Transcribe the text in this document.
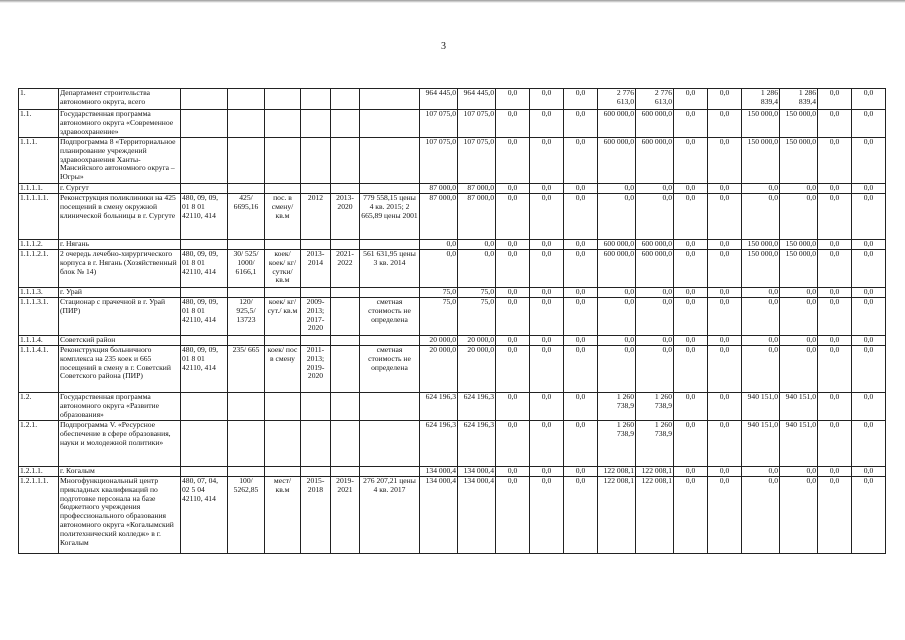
3
1.	Департамент строительства автономного округа, всего							964 445,0	964 445,0	0,0	0,0	0,0	2 776 613,0	2 776 613,0	0,0	0,0	1 286 839,4	1 286 839,4	0,0	0,0
1.1.	Государственная программа автономного округа «Современное здравоохранение»							107 075,0	107 075,0	0,0	0,0	0,0	600 000,0	600 000,0	0,0	0,0	150 000,0	150 000,0	0,0	0,0
1.1.1.	Подпрограмма 8 «Территориальное планирование учреждений здравоохранения Ханты-Мансийского автономного округа – Югры»							107 075,0	107 075,0	0,0	0,0	0,0	600 000,0	600 000,0	0,0	0,0	150 000,0	150 000,0	0,0	0,0
1.1.1.1.	г. Сургут							87 000,0	87 000,0	0,0	0,0	0,0	0,0	0,0	0,0	0,0	0,0	0,0	0,0	0,0
1.1.1.1.1.	Реконструкция поликлиники на 425 посещений в смену окружной клинической больницы в г. Сургуте	480, 09, 09, 01 8 01 42110, 414	425/ 6695,16	пос. в смену/ кв.м	2012	2013-2020	779 558,15 цены 4 кв. 2015; 2 665,89 цены 2001	87 000,0	87 000,0	0,0	0,0	0,0	0,0	0,0	0,0	0,0	0,0	0,0	0,0	0,0
1.1.1.2.	г. Нягань							0,0	0,0	0,0	0,0	0,0	600 000,0	600 000,0	0,0	0,0	150 000,0	150 000,0	0,0	0,0
1.1.1.2.1.	2 очередь лечебно-хирургического корпуса в г. Нягань (Хозяйственный блок № 14)	480, 09, 09, 01 8 01 42110, 414	30/ 525/ 1000/ 6166,1	коек/ коек/ кг/ сутки/ кв.м	2013-2014	2021-2022	561 631,95 цены 3 кв. 2014	0,0	0,0	0,0	0,0	0,0	600 000,0	600 000,0	0,0	0,0	150 000,0	150 000,0	0,0	0,0
1.1.1.3.	г. Урай							75,0	75,0	0,0	0,0	0,0	0,0	0,0	0,0	0,0	0,0	0,0	0,0	0,0
1.1.1.3.1.	Стационар с прачечной в г. Урай (ПИР)	480, 09, 09, 01 8 01 42110, 414	120/ 925,5/ 13723	коек/ кг/ сут./ кв.м	2009-2013; 2017-2020		сметная стоимость не определена	75,0	75,0	0,0	0,0	0,0	0,0	0,0	0,0	0,0	0,0	0,0	0,0	0,0
1.1.1.4.	Советский район							20 000,0	20 000,0	0,0	0,0	0,0	0,0	0,0	0,0	0,0	0,0	0,0	0,0	0,0
1.1.1.4.1.	Реконструкция больничного комплекса на 235 коек и 665 посещений в смену в г. Советский Советского района (ПИР)	480, 09, 09, 01 8 01 42110, 414	235/ 665	коек/ пос в смену	2011-2013; 2019-2020		сметная стоимость не определена	20 000,0	20 000,0	0,0	0,0	0,0	0,0	0,0	0,0	0,0	0,0	0,0	0,0	0,0
1.2.	Государственная программа автономного округа «Развитие образования»							624 196,3	624 196,3	0,0	0,0	0,0	1 260 738,9	1 260 738,9	0,0	0,0	940 151,0	940 151,0	0,0	0,0
1.2.1.	Подпрограмма V. «Ресурсное обеспечение в сфере образования, науки и молодежной политики»							624 196,3	624 196,3	0,0	0,0	0,0	1 260 738,9	1 260 738,9	0,0	0,0	940 151,0	940 151,0	0,0	0,0
1.2.1.1.	г. Когалым							134 000,4	134 000,4	0,0	0,0	0,0	122 008,1	122 008,1	0,0	0,0	0,0	0,0	0,0	0,0
1.2.1.1.1.	Многофункциональный центр прикладных квалификаций по подготовке персонала на базе бюджетного учреждения профессионального образования автономного округа «Когалымский политехнический колледж» в г. Когалым	480, 07, 04, 02 5 04 42110, 414	100/ 5262,85	мест/ кв.м	2015-2018	2019-2021	276 207,21 цены 4 кв. 2017	134 000,4	134 000,4	0,0	0,0	0,0	122 008,1	122 008,1	0,0	0,0	0,0	0,0	0,0	0,0
